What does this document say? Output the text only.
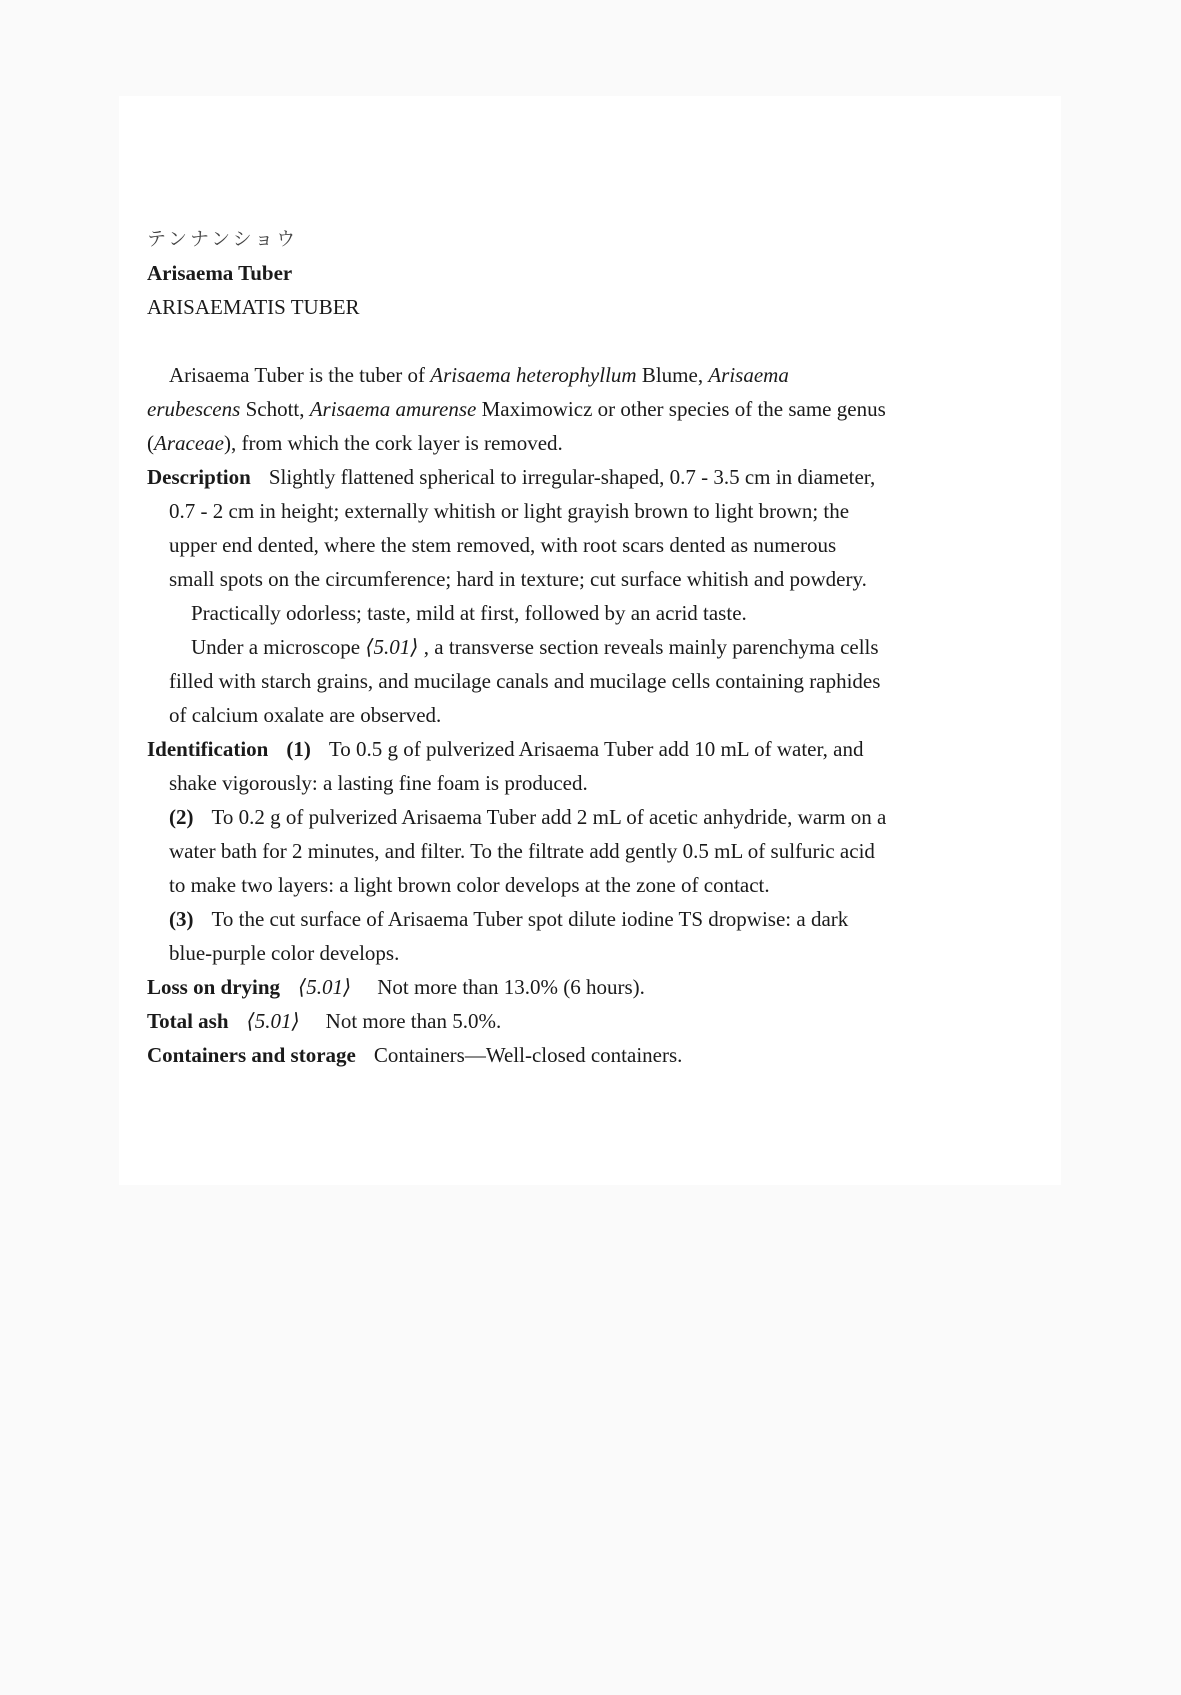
テンナンショウ
Arisaema Tuber
ARISAEMATIS TUBER
Arisaema Tuber is the tuber of Arisaema heterophyllum Blume, Arisaema
erubescens Schott, Arisaema amurense Maximowicz or other species of the same genus
(Araceae), from which the cork layer is removed.
Description Slightly flattened spherical to irregular-shaped, 0.7 - 3.5 cm in diameter,
0.7 - 2 cm in height; externally whitish or light grayish brown to light brown; the
upper end dented, where the stem removed, with root scars dented as numerous
small spots on the circumference; hard in texture; cut surface whitish and powdery.
Practically odorless; taste, mild at first, followed by an acrid taste.
Under a microscope ⟨5.01⟩ , a transverse section reveals mainly parenchyma cells
filled with starch grains, and mucilage canals and mucilage cells containing raphides
of calcium oxalate are observed.
Identification (1) To 0.5 g of pulverized Arisaema Tuber add 10 mL of water, and
shake vigorously: a lasting fine foam is produced.
(2) To 0.2 g of pulverized Arisaema Tuber add 2 mL of acetic anhydride, warm on a
water bath for 2 minutes, and filter. To the filtrate add gently 0.5 mL of sulfuric acid
to make two layers: a light brown color develops at the zone of contact.
(3) To the cut surface of Arisaema Tuber spot dilute iodine TS dropwise: a dark
blue-purple color develops.
Loss on drying ⟨5.01⟩ Not more than 13.0% (6 hours).
Total ash ⟨5.01⟩ Not more than 5.0%.
Containers and storage Containers—Well-closed containers.
